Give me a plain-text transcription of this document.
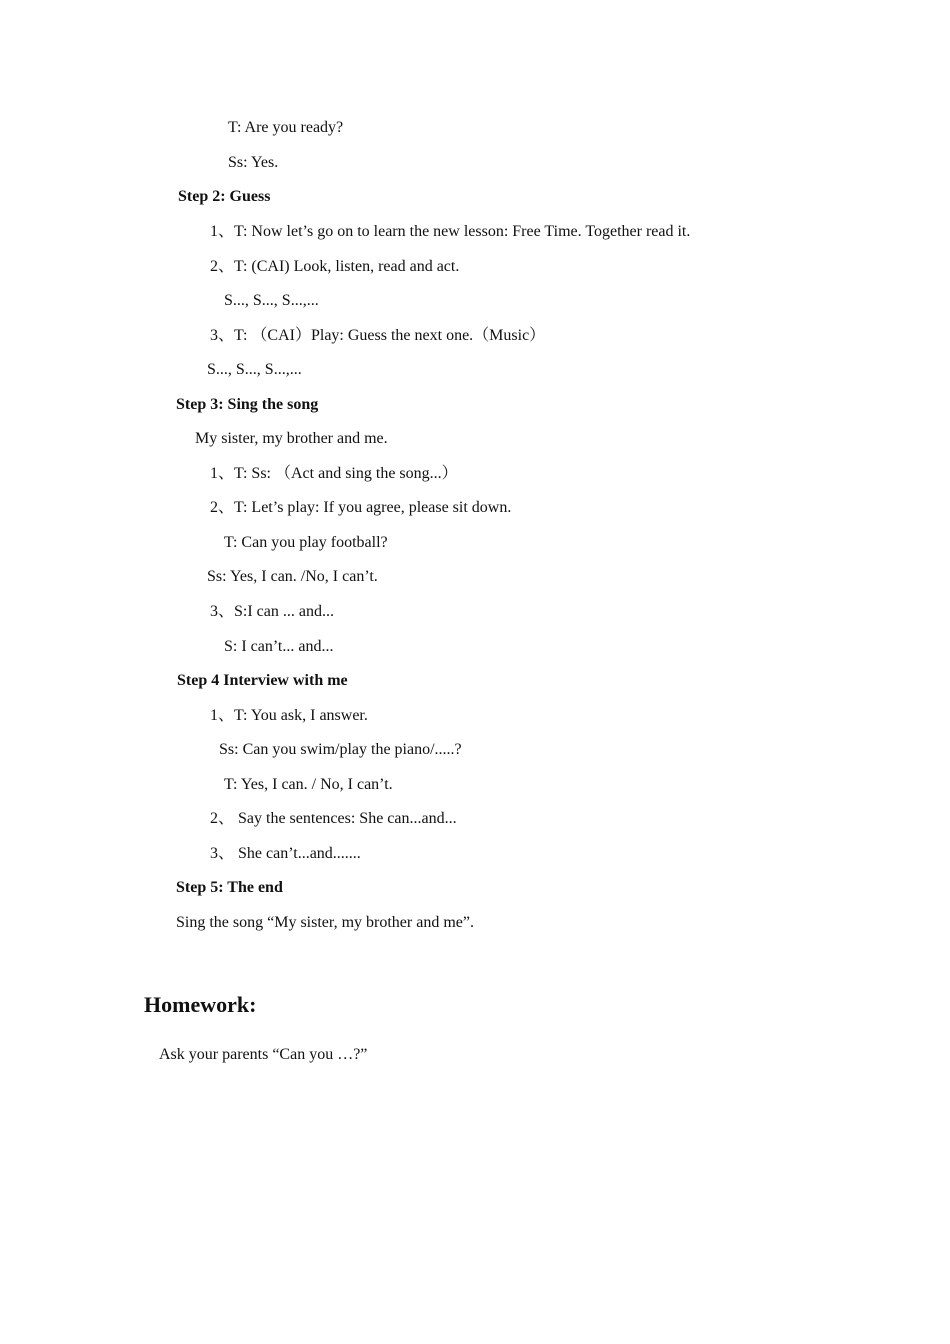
T: Are you ready?
Ss: Yes.
Step 2: Guess
1、T: Now let’s go on to learn the new lesson: Free Time. Together read it.
2、T: (CAI) Look, listen, read and act.
S..., S..., S...,...
3、T: （CAI）Play: Guess the next one.（Music）
S..., S..., S...,...
Step 3: Sing the song
My sister, my brother and me.
1、T: Ss: （Act and sing the song...）
2、T: Let’s play: If you agree, please sit down.
T: Can you play football?
Ss: Yes, I can. /No, I can’t.
3、S:I can ... and...
S: I can’t... and...
Step 4 Interview with me
1、T: You ask, I answer.
Ss: Can you swim/play the piano/.....?
T: Yes, I can. / No, I can’t.
2、 Say the sentences: She can...and...
3、 She can’t...and.......
Step 5: The end
Sing the song “My sister, my brother and me”.
Homework:
Ask your parents “Can you …?”
